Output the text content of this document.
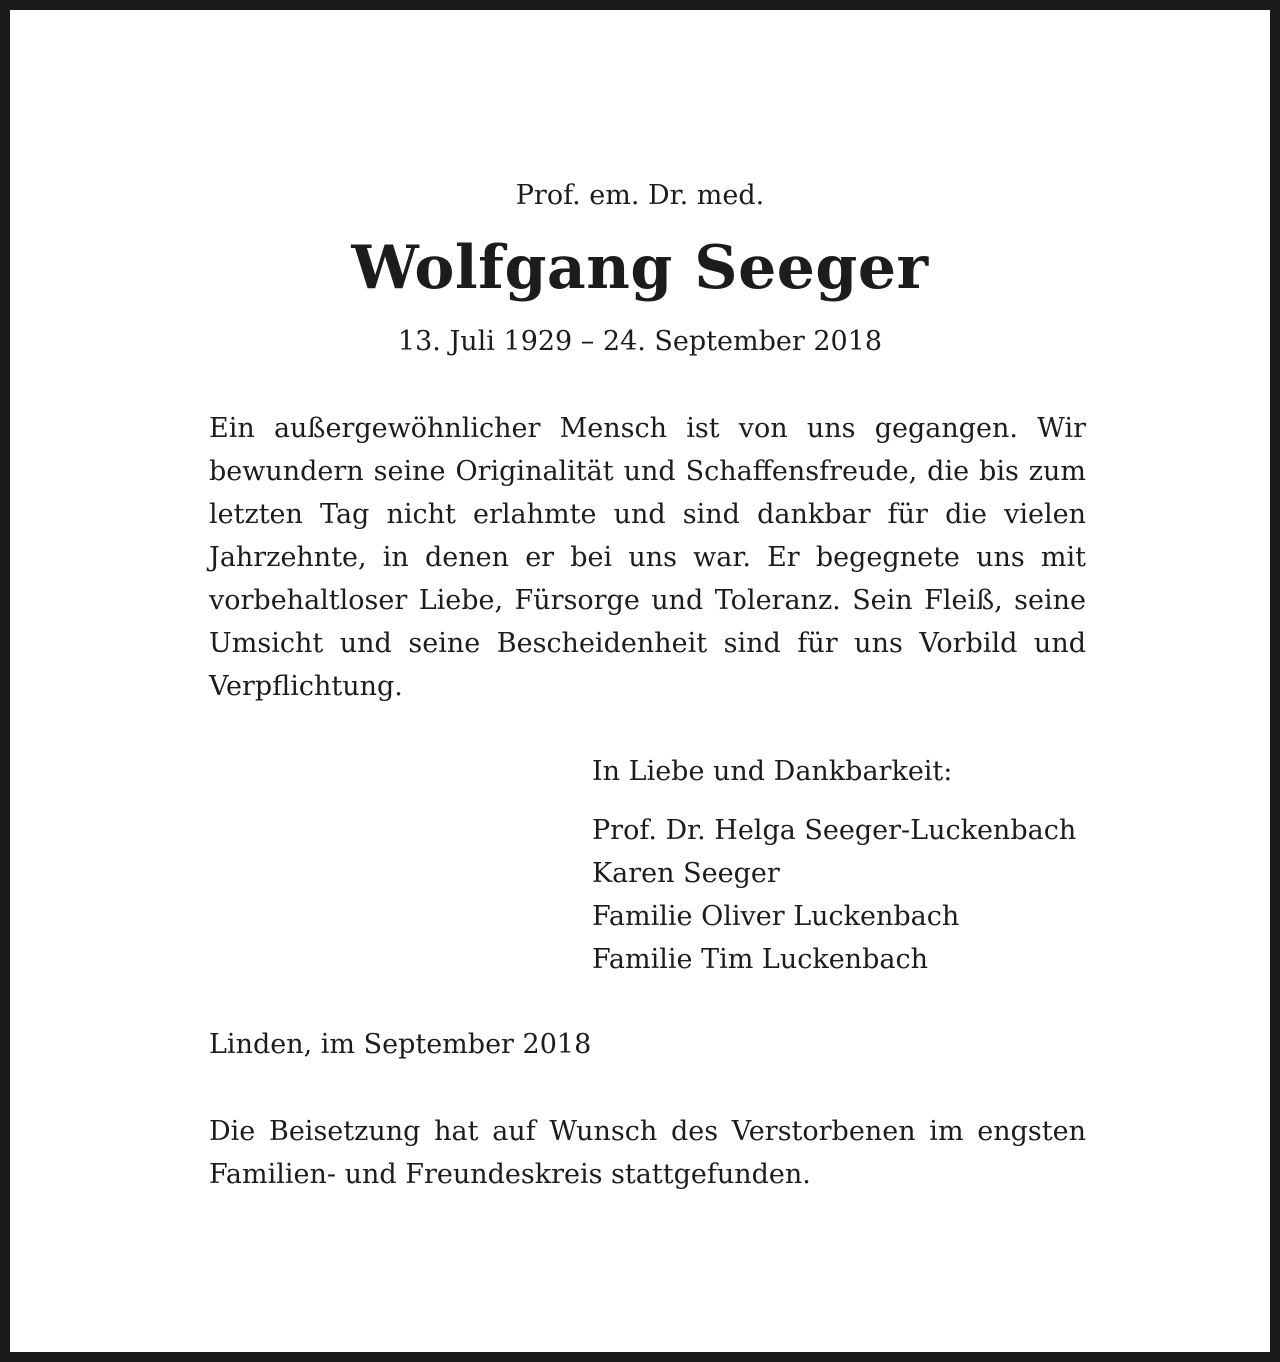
Prof. em. Dr. med.
Wolfgang Seeger
13. Juli 1929 – 24. September 2018
Ein außergewöhnlicher Mensch ist von uns gegangen. Wir bewundern seine Originalität und Schaffensfreude, die bis zum letzten Tag nicht erlahmte und sind dankbar für die vielen Jahrzehnte, in denen er bei uns war. Er begegnete uns mit vorbehaltloser Liebe, Fürsorge und Toleranz. Sein Fleiß, seine Umsicht und seine Bescheidenheit sind für uns Vorbild und Verpflichtung.
In Liebe und Dankbarkeit:
Prof. Dr. Helga Seeger-Luckenbach
Karen Seeger
Familie Oliver Luckenbach
Familie Tim Luckenbach
Linden, im September 2018
Die Beisetzung hat auf Wunsch des Verstorbenen im engsten Familien- und Freundeskreis stattgefunden.
